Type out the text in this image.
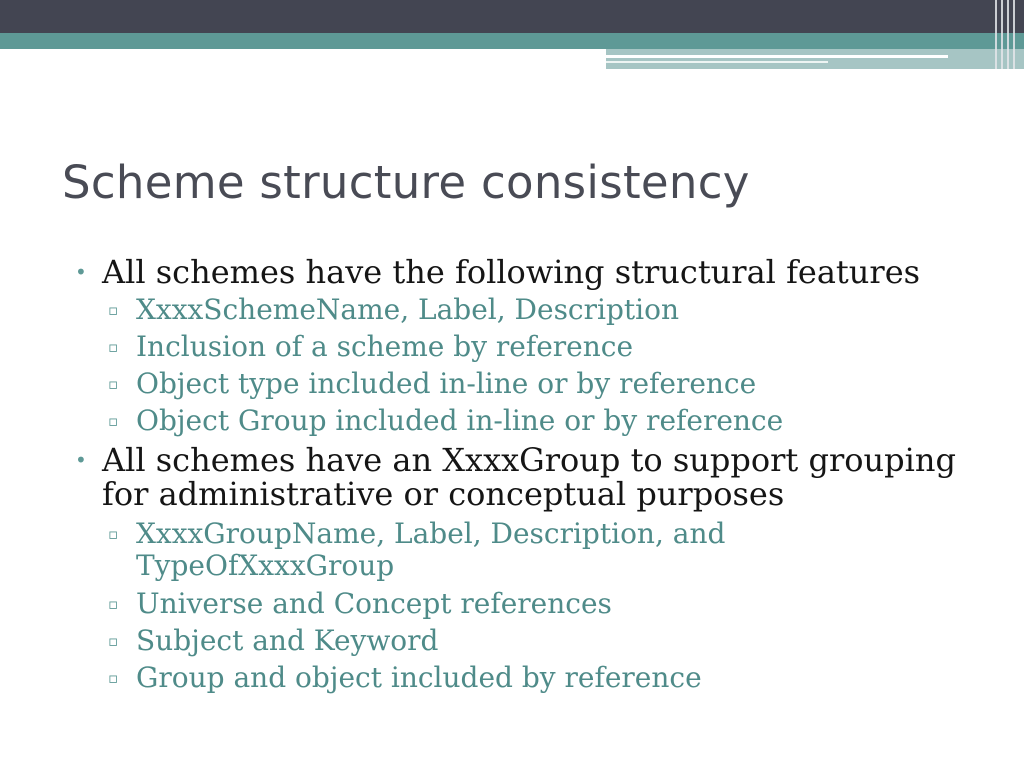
Scheme structure consistency
• All schemes have the following structural features
▫ XxxxSchemeName, Label, Description
▫ Inclusion of a scheme by reference
▫ Object type included in-line or by reference
▫ Object Group included in-line or by reference
• All schemes have an XxxxGroup to support grouping
for administrative or conceptual purposes
▫ XxxxGroupName, Label, Description, and
TypeOfXxxxGroup
▫ Universe and Concept references
▫ Subject and Keyword
▫ Group and object included by reference
